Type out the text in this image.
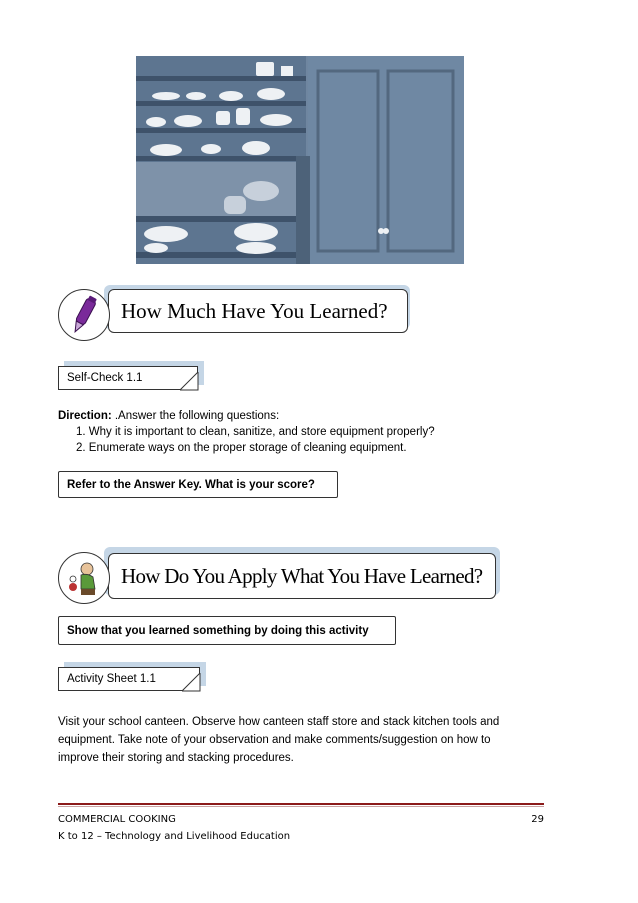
How Much Have You Learned?
Self-Check 1.1
Direction: .Answer the following questions:
1. Why it is important to clean, sanitize, and store equipment properly?
2. Enumerate ways on the proper storage of cleaning equipment.
Refer to the Answer Key. What is your score?
How Do You Apply What You Have Learned?
Show that you learned something by doing this activity
Activity Sheet 1.1
Visit your school canteen. Observe how canteen staff store and stack kitchen tools and equipment. Take note of your observation and make comments/suggestion on how to improve their storing and stacking procedures.
COMMERCIAL COOKING
K to 12 – Technology and Livelihood Education
29
